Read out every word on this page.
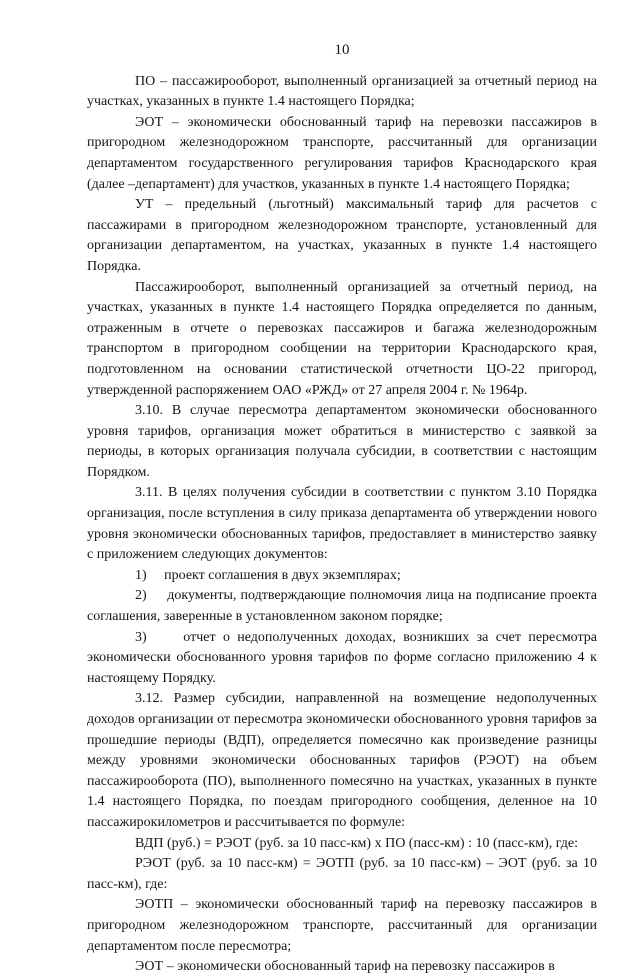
10

ПО – пассажирооборот, выполненный организацией за отчетный период на участках, указанных в пункте 1.4 настоящего Порядка;

ЭОТ – экономически обоснованный тариф на перевозки пассажиров в пригородном железнодорожном транспорте, рассчитанный для организации департаментом государственного регулирования тарифов Краснодарского края (далее –департамент) для участков, указанных в пункте 1.4 настоящего Порядка;

УТ – предельный (льготный) максимальный тариф для расчетов с пассажирами в пригородном железнодорожном транспорте, установленный для организации департаментом, на участках, указанных в пункте 1.4 настоящего Порядка.

Пассажирооборот, выполненный организацией за отчетный период, на участках, указанных в пункте 1.4 настоящего Порядка определяется по данным, отраженным в отчете о перевозках пассажиров и багажа железнодорожным транспортом в пригородном сообщении на территории Краснодарского края, подготовленном на основании статистической отчетности ЦО-22 пригород, утвержденной распоряжением ОАО «РЖД» от 27 апреля 2004 г. № 1964р.

3.10. В случае пересмотра департаментом экономически обоснованного уровня тарифов, организация может обратиться в министерство с заявкой за периоды, в которых организация получала субсидии, в соответствии с настоящим Порядком.

3.11. В целях получения субсидии в соответствии с пунктом 3.10 Порядка организация, после вступления в силу приказа департамента об утверждении нового уровня экономически обоснованных тарифов, предоставляет в министерство заявку с приложением следующих документов:

1)     проект соглашения в двух экземплярах;

2)     документы, подтверждающие полномочия лица на подписание проекта соглашения, заверенные в установленном законом порядке;

3)     отчет о недополученных доходах, возникших за счет пересмотра экономически обоснованного уровня тарифов по форме согласно приложению 4 к настоящему Порядку.

3.12. Размер субсидии, направленной на возмещение недополученных доходов организации от пересмотра экономически обоснованного уровня тарифов за прошедшие периоды (ВДП), определяется помесячно как произведение разницы между уровнями экономически обоснованных тарифов (РЭОТ) на объем пассажирооборота (ПО), выполненного помесячно на участках, указанных в пункте 1.4 настоящего Порядка, по поездам пригородного сообщения, деленное на 10 пассажирокилометров и рассчитывается по формуле:

ВДП (руб.) = РЭОТ (руб. за 10 пасс-км) х ПО (пасс-км) : 10 (пасс-км), где:

РЭОТ (руб. за 10 пасс-км) = ЭОТП (руб. за 10 пасс-км) – ЭОТ (руб. за 10 пасс-км), где:

ЭОТП – экономически обоснованный тариф на перевозку пассажиров в пригородном железнодорожном транспорте, рассчитанный для организации департаментом после пересмотра;

ЭОТ – экономически обоснованный тариф на перевозку пассажиров в
